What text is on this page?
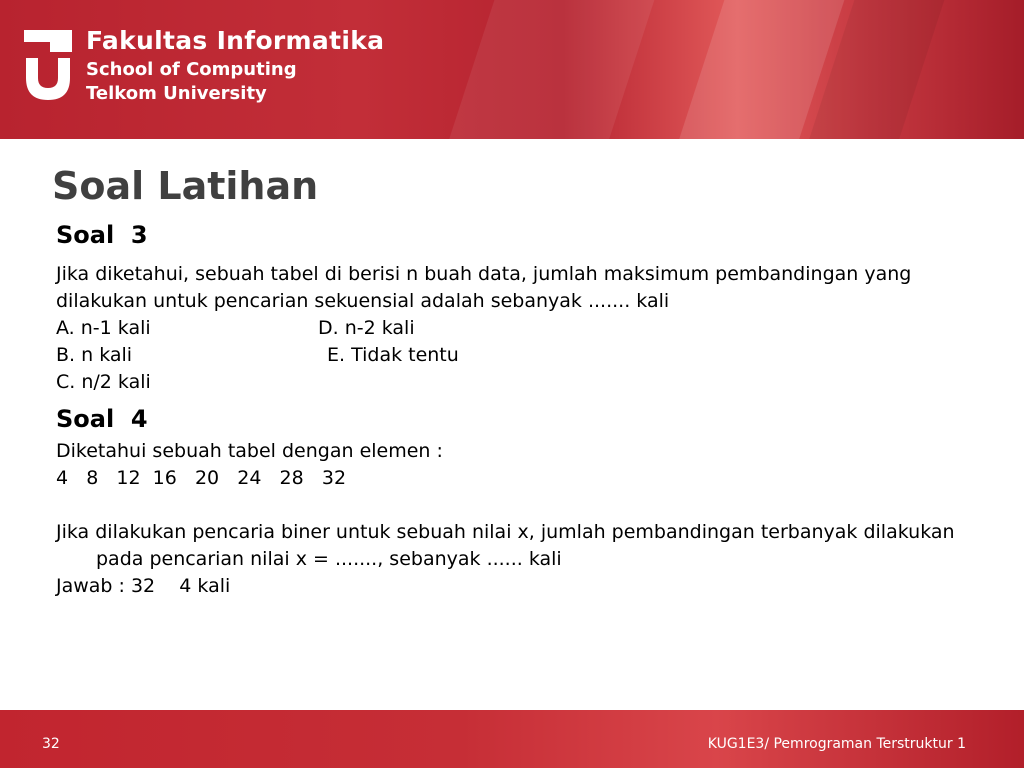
Fakultas Informatika
School of Computing
Telkom University
Soal Latihan
Soal  3
Jika diketahui, sebuah tabel di berisi n buah data, jumlah maksimum pembandingan yang dilakukan untuk pencarian sekuensial adalah sebanyak ....... kali

A. n-1 kali

	D. n-2 kali

B. n kali

	E. Tidak tentu

C. n/2 kali

Soal  4
Diketahui sebuah tabel dengan elemen :
4   8   12  16   20   24   28   32
Jika dilakukan pencaria biner untuk sebuah nilai x, jumlah pembandingan terbanyak dilakukan pada pencarian nilai x = ......., sebanyak ...... kali
Jawab : 32    4 kali
32	KUG1E3/ Pemrograman Terstruktur 1
